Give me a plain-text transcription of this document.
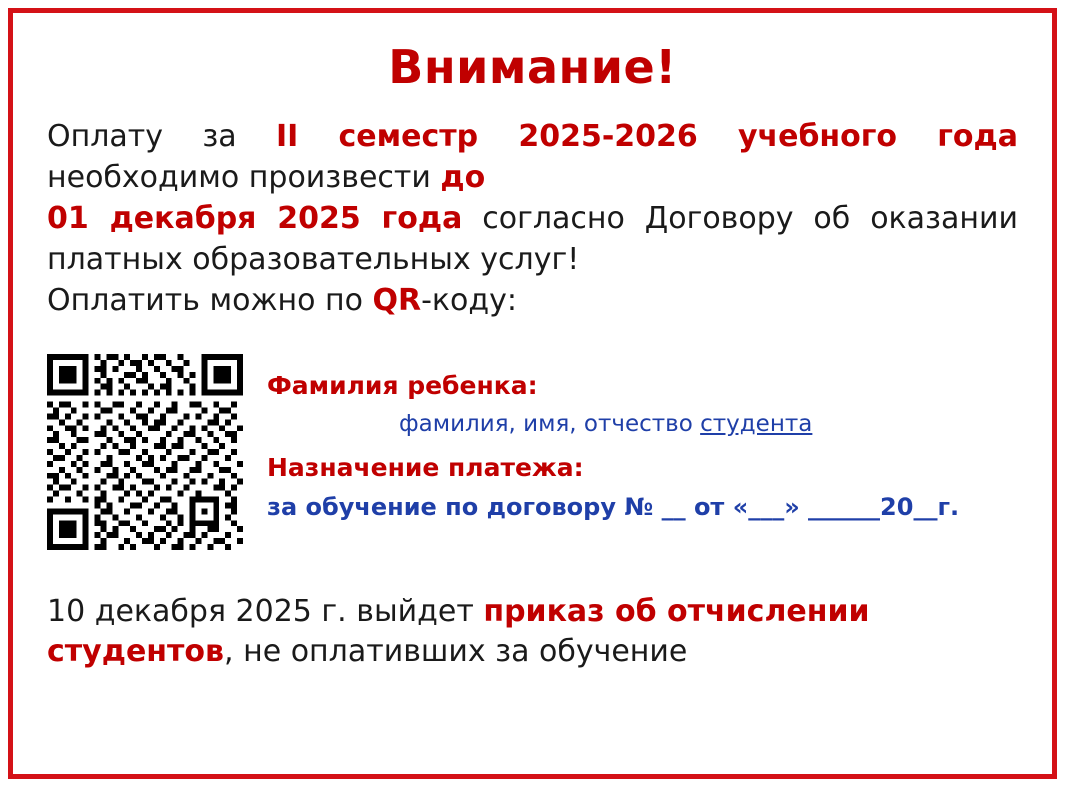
Внимание!
Оплату за II семестр 2025-2026 учебного года
необходимо произвести до
01 декабря 2025 года согласно Договору об оказании
платных образовательных услуг!
Оплатить можно по QR-коду:
Фамилия ребенка:
фамилия, имя, отчество студента
Назначение платежа:
за обучение по договору № __ от «___» ______20__г.
10 декабря 2025 г. выйдет приказ об отчислении студентов, не оплативших за обучение
